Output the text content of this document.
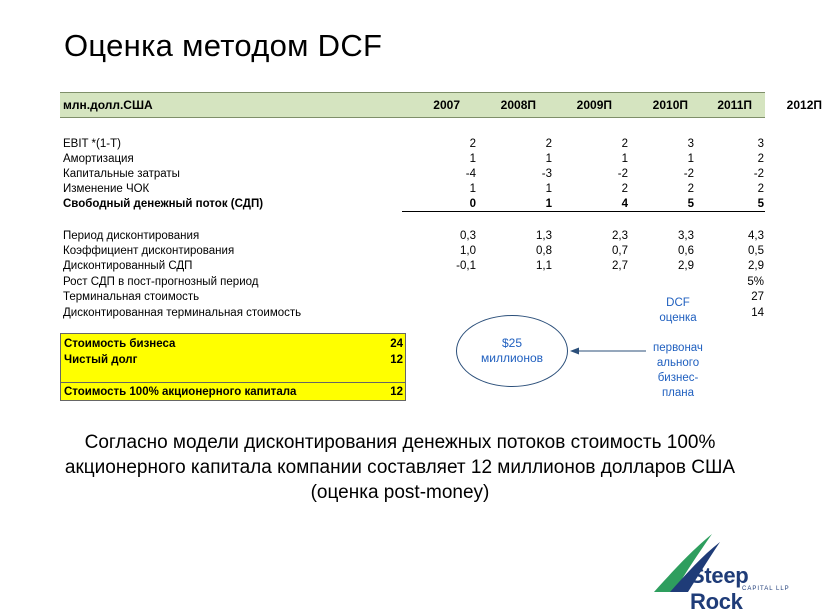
Оценка методом DCF
млн.долл.США	2007	2008П	2009П	2010П	2011П	2012П
EBIT *(1-T)	2	2	2	3	3
Амортизация	1	1	1	1	2
Капитальные затраты	-4	-3	-2	-2	-2
Изменение ЧОК	1	1	2	2	2
Свободный денежный поток (СДП)	0	1	4	5	5
Период дисконтирования	0,3	1,3	2,3	3,3	4,3
Коэффициент дисконтирования	1,0	0,8	0,7	0,6	0,5
Дисконтированный СДП	-0,1	1,1	2,7	2,9	2,9
Рост СДП в пост-прогнозный период	5%
Терминальная стоимость	27
Дисконтированная терминальная стоимость	14
Стоимость бизнеса	24
Чистый долг	12
Стоимость 100% акционерного капитала	12
$25 миллионов
DCF
оценка
первонач
ального
бизнес-
плана
Согласно модели дисконтирования денежных потоков стоимость 100% акционерного капитала компании составляет 12 миллионов долларов США (оценка post-money)
Steep Rock CAPITAL LLP
